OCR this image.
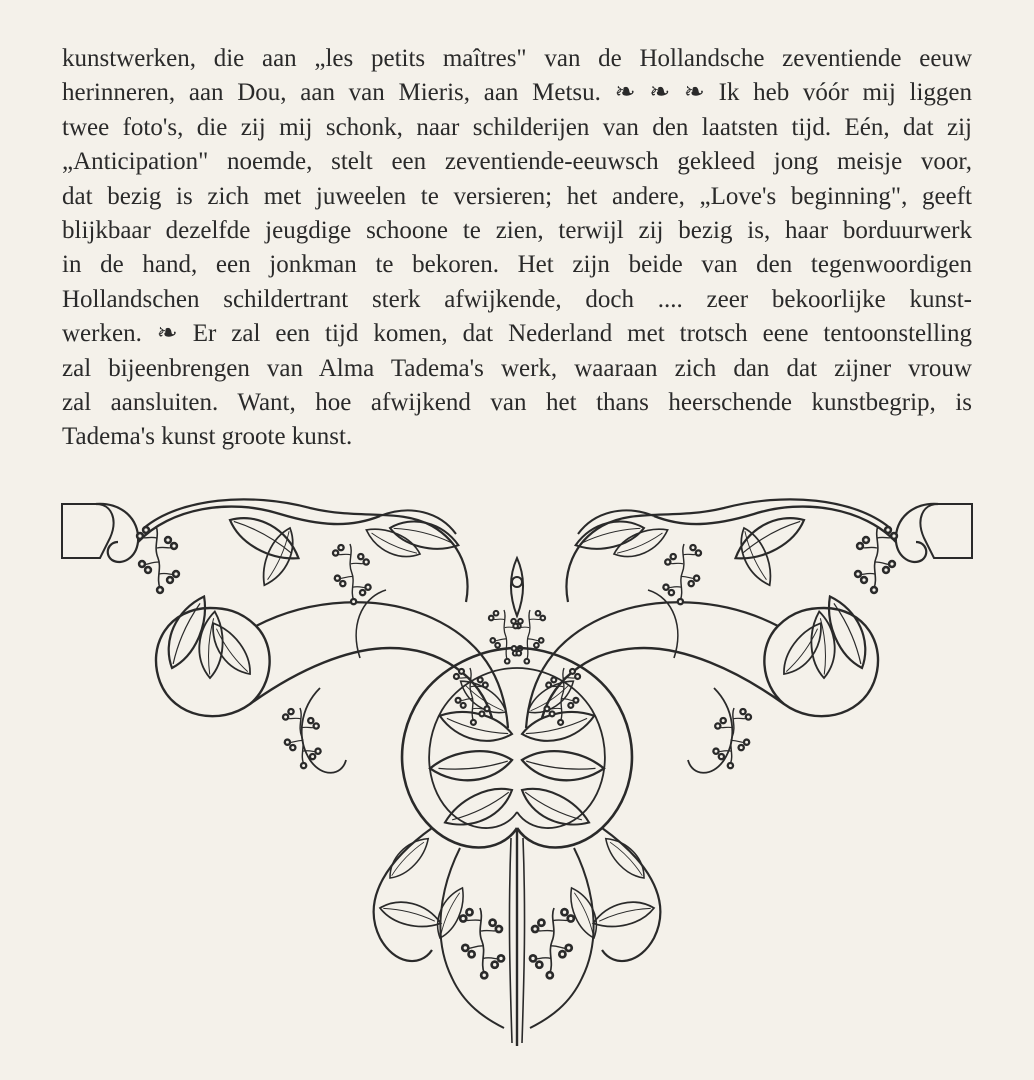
kunstwerken, die aan „les petits maîtres" van de Hollandsche zeventiende eeuw
herinneren, aan Dou, aan van Mieris, aan Metsu. ❧ ❧ ❧ Ik heb vóór mij liggen
twee foto's, die zij mij schonk, naar schilderijen van den laatsten tijd. Eén, dat zij
„Anticipation" noemde, stelt een zeventiende-eeuwsch gekleed jong meisje voor,
dat bezig is zich met juweelen te versieren; het andere, „Love's beginning", geeft
blijkbaar dezelfde jeugdige schoone te zien, terwijl zij bezig is, haar borduurwerk
in de hand, een jonkman te bekoren. Het zijn beide van den tegenwoordigen
Hollandschen schildertrant sterk afwijkende, doch .... zeer bekoorlijke kunst-
werken. ❧ Er zal een tijd komen, dat Nederland met trotsch eene tentoonstelling
zal bijeenbrengen van Alma Tadema's werk, waaraan zich dan dat zijner vrouw
zal aansluiten. Want, hoe afwijkend van het thans heerschende kunstbegrip, is
Tadema's kunst groote kunst.
